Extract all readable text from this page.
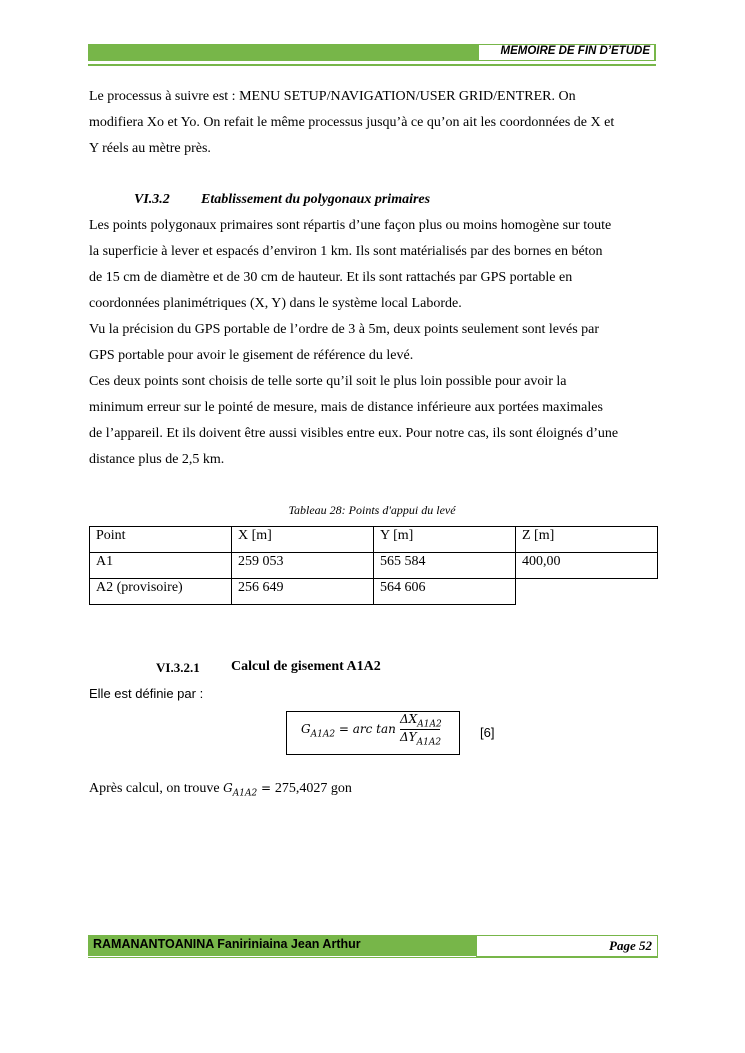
MEMOIRE DE FIN D’ETUDE
Le processus à suivre est : MENU SETUP/NAVIGATION/USER GRID/ENTRER. On
modifiera Xo et Yo. On refait le même processus jusqu’à ce qu’on ait les coordonnées de X et
Y réels au mètre près.
VI.3.2 Etablissement du polygonaux primaires
Les points polygonaux primaires sont répartis d’une façon plus ou moins homogène sur toute
la superficie à lever et espacés d’environ 1 km. Ils sont matérialisés par des bornes en béton
de 15 cm de diamètre et de 30 cm de hauteur. Et ils sont rattachés par GPS portable en
coordonnées planimétriques (X, Y) dans le système local Laborde.
Vu la précision du GPS portable de l’ordre de 3 à 5m, deux points seulement sont levés par
GPS portable pour avoir le gisement de référence du levé.
Ces deux points sont choisis de telle sorte qu’il soit le plus loin possible pour avoir la
minimum erreur sur le pointé de mesure, mais de distance inférieure aux portées maximales
de l’appareil. Et ils doivent être aussi visibles entre eux. Pour notre cas, ils sont éloignés d’une
distance plus de 2,5 km.
Tableau 28: Points d'appui du levé
Point	X [m]	Y [m]	Z [m]
A1	259 053	565 584	400,00
A2 (provisoire)	256 649	564 606	
VI.3.2.1 Calcul de gisement A1A2
Elle est définie par :
$G_{A1A2}$ = arc tan
$\Delta X_{A1A2}$
$\Delta Y_{A1A2}$
[6]
Après calcul, on trouve $G_{A1A2} = 275,4027$ gon
RAMANANTOANINA Faniriniaina Jean Arthur	Page 52
